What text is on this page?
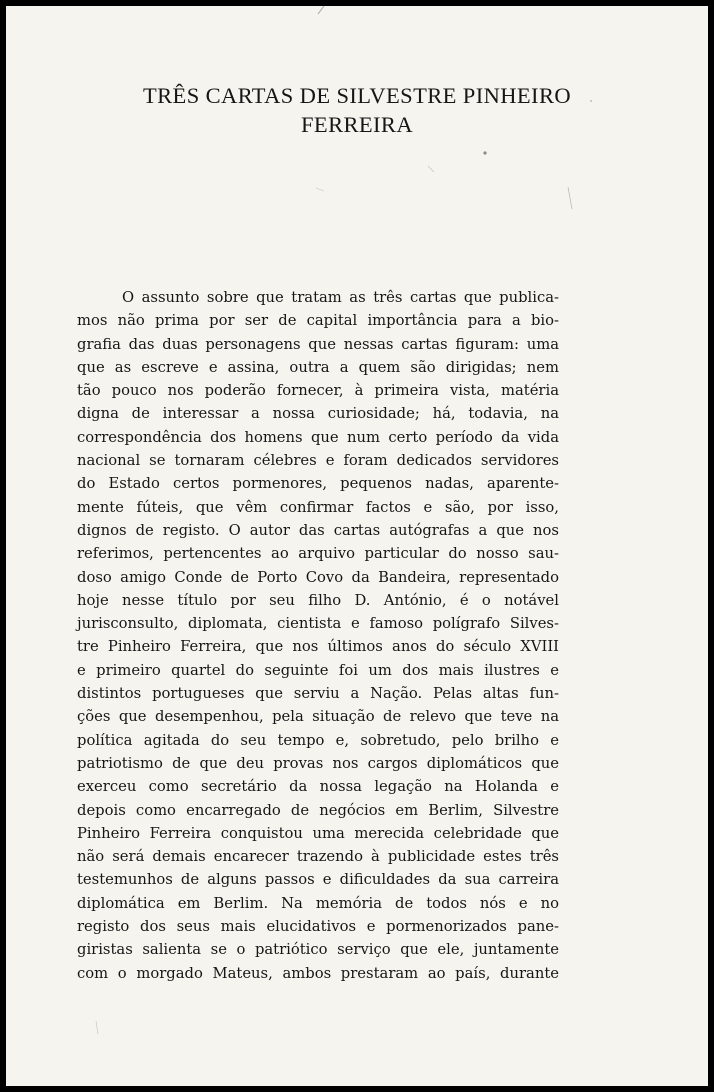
TRÊS CARTAS DE SILVESTRE PINHEIRO
FERREIRA
O assunto sobre que tratam as três cartas que publica-
mos não prima por ser de capital importância para a bio-
grafia das duas personagens que nessas cartas figuram: uma
que as escreve e assina, outra a quem são dirigidas; nem
tão pouco nos poderão fornecer, à primeira vista, matéria
digna de interessar a nossa curiosidade; há, todavia, na
correspondência dos homens que num certo período da vida
nacional se tornaram célebres e foram dedicados servidores
do Estado certos pormenores, pequenos nadas, aparente-
mente fúteis, que vêm confirmar factos e são, por isso,
dignos de registo. O autor das cartas autógrafas a que nos
referimos, pertencentes ao arquivo particular do nosso sau-
doso amigo Conde de Porto Covo da Bandeira, representado
hoje nesse título por seu filho D. António, é o notável
jurisconsulto, diplomata, cientista e famoso polígrafo Silves-
tre Pinheiro Ferreira, que nos últimos anos do século XVIII
e primeiro quartel do seguinte foi um dos mais ilustres e
distintos portugueses que serviu a Nação. Pelas altas fun-
ções que desempenhou, pela situação de relevo que teve na
política agitada do seu tempo e, sobretudo, pelo brilho e
patriotismo de que deu provas nos cargos diplomáticos que
exerceu como secretário da nossa legação na Holanda e
depois como encarregado de negócios em Berlim, Silvestre
Pinheiro Ferreira conquistou uma merecida celebridade que
não será demais encarecer trazendo à publicidade estes três
testemunhos de alguns passos e dificuldades da sua carreira
diplomática em Berlim. Na memória de todos nós e no
registo dos seus mais elucidativos e pormenorizados pane-
giristas salienta se o patriótico serviço que ele, juntamente
com o morgado Mateus, ambos prestaram ao país, durante
